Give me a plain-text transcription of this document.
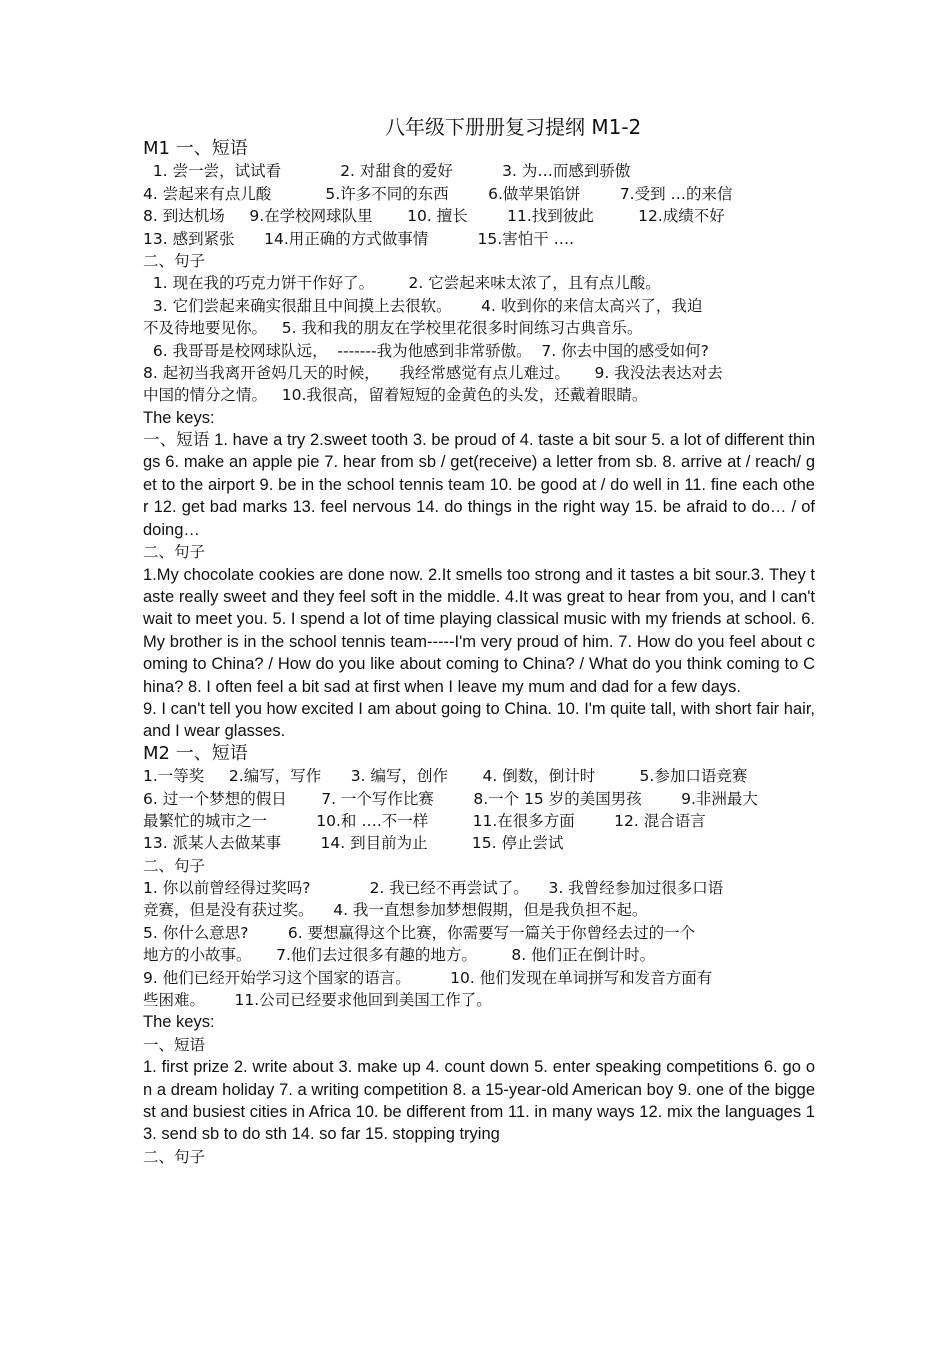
八年级下册册复习提纲 M1-2
M1 一、短语
1. 尝一尝，试试看            2. 对甜食的爱好          3. 为…而感到骄傲
4. 尝起来有点儿酸           5.许多不同的东西        6.做苹果馅饼        7.受到 …的来信
8. 到达机场     9.在学校网球队里       10. 擅长        11.找到彼此         12.成绩不好
13. 感到紧张      14.用正确的方式做事情          15.害怕干 ….
二、句子
1. 现在我的巧克力饼干作好了。       2. 它尝起来味太浓了，且有点儿酸。
3. 它们尝起来确实很甜且中间摸上去很软。      4. 收到你的来信太高兴了，我迫
不及待地要见你。   5. 我和我的朋友在学校里花很多时间练习古典音乐。
6. 我哥哥是校网球队远，  -------我为他感到非常骄傲。  7. 你去中国的感受如何?
8. 起初当我离开爸妈几天的时候，    我经常感觉有点儿难过。     9. 我没法表达对去
中国的情分之情。   10.我很高，留着短短的金黄色的头发，还戴着眼睛。
The keys:
一、短语 1. have a try 2.sweet tooth 3. be proud of 4. taste a bit sour 5. a lot of different things 6. make an apple pie 7. hear from sb / get(receive) a letter from sb. 8. arrive at / reach/ get to the airport 9. be in the school tennis team 10. be good at / do well in 11. fine each other 12. get bad marks 13. feel nervous 14. do things in the right way 15. be afraid to do… / of doing…
二、句子
1.My chocolate cookies are done now. 2.It smells too strong and it tastes a bit sour.3. They taste really sweet and they feel soft in the middle. 4.It was great to hear from you, and I can't wait to meet you. 5. I spend a lot of time playing classical music with my friends at school. 6.My brother is in the school tennis team-----I'm very proud of him. 7. How do you feel about coming to China? / How do you like about coming to China? / What do you think coming to China? 8. I often feel a bit sad at first when I leave my mum and dad for a few days.
9. I can't tell you how excited I am about going to China. 10. I'm quite tall, with short fair hair, and I wear glasses.
M2 一、短语
1.一等奖     2.编写，写作      3. 编写，创作       4. 倒数，倒计时         5.参加口语竞赛
6. 过一个梦想的假日       7. 一个写作比赛        8.一个 15 岁的美国男孩        9.非洲最大
最繁忙的城市之一          10.和 ….不一样         11.在很多方面        12. 混合语言
13. 派某人去做某事        14. 到目前为止         15. 停止尝试
二、句子
1. 你以前曾经得过奖吗?            2. 我已经不再尝试了。    3. 我曾经参加过很多口语
竞赛，但是没有获过奖。    4. 我一直想参加梦想假期，但是我负担不起。
5. 你什么意思?        6. 要想赢得这个比赛，你需要写一篇关于你曾经去过的一个
地方的小故事。     7.他们去过很多有趣的地方。       8. 他们正在倒计时。
9. 他们已经开始学习这个国家的语言。        10. 他们发现在单词拼写和发音方面有
些困难。      11.公司已经要求他回到美国工作了。
The keys:
一、短语
1. first prize 2. write about 3. make up 4. count down 5. enter speaking competitions 6. go on a dream holiday 7. a writing competition 8. a 15-year-old American boy 9. one of the biggest and busiest cities in Africa 10. be different from 11. in many ways 12. mix the languages 13. send sb to do sth 14. so far 15. stopping trying
二、句子
